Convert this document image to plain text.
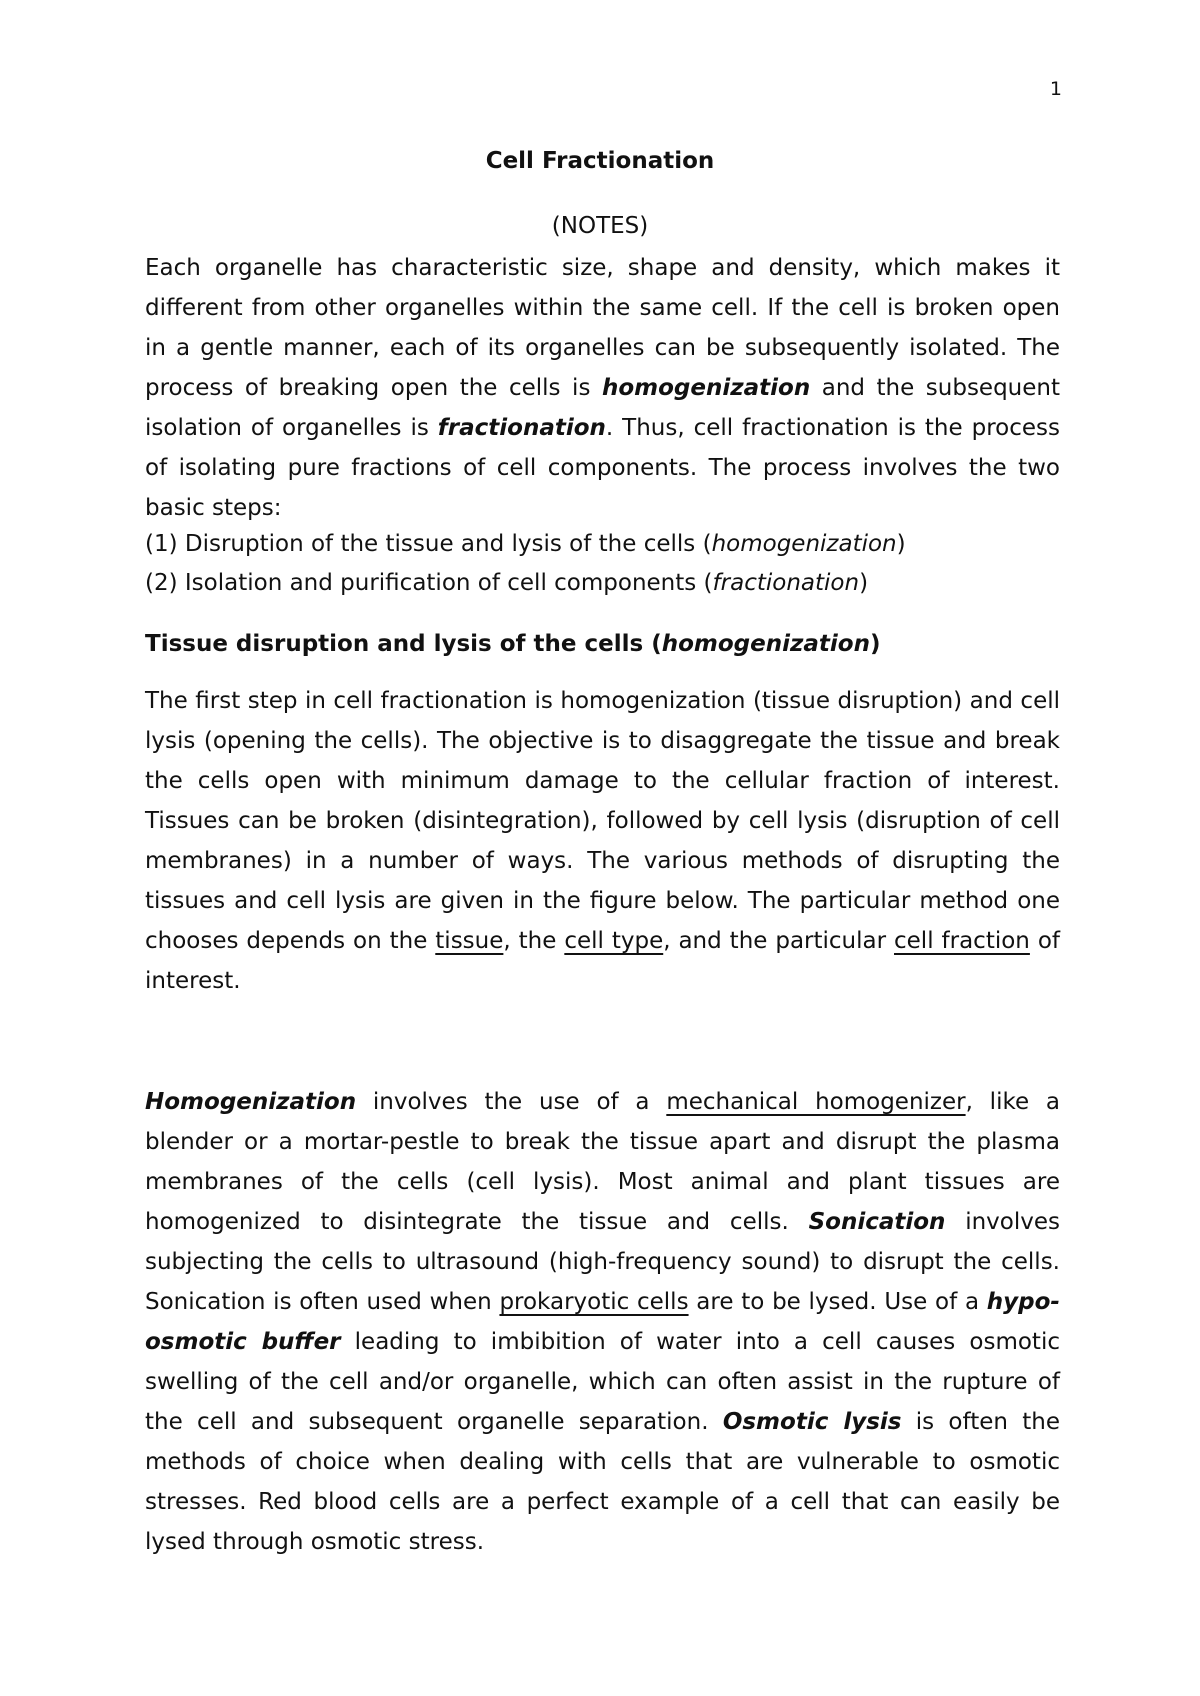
1
Cell Fractionation
(NOTES)

Each organelle has characteristic size, shape and density, which makes it different from other organelles within the same cell. If the cell is broken open in a gentle manner, each of its organelles can be subsequently isolated. The process of breaking open the cells is homogenization and the subsequent isolation of organelles is fractionation. Thus, cell fractionation is the process of isolating pure fractions of cell components. The process involves the two basic steps:

(1) Disruption of the tissue and lysis of the cells (homogenization)

(2) Isolation and purification of cell components (fractionation)

Tissue disruption and lysis of the cells (homogenization)

The first step in cell fractionation is homogenization (tissue disruption) and cell lysis (opening the cells). The objective is to disaggregate the tissue and break the cells open with minimum damage to the cellular fraction of interest. Tissues can be broken (disintegration), followed by cell lysis (disruption of cell membranes) in a number of ways. The various methods of disrupting the tissues and cell lysis are given in the figure below. The particular method one chooses depends on the tissue, the cell type, and the particular cell fraction of interest.

Homogenization involves the use of a mechanical homogenizer, like a blender or a mortar-pestle to break the tissue apart and disrupt the plasma membranes of the cells (cell lysis). Most animal and plant tissues are homogenized to disintegrate the tissue and cells. Sonication involves subjecting the cells to ultrasound (high-frequency sound) to disrupt the cells. Sonication is often used when prokaryotic cells are to be lysed. Use of a hypo-osmotic buffer leading to imbibition of water into a cell causes osmotic swelling of the cell and/or organelle, which can often assist in the rupture of the cell and subsequent organelle separation. Osmotic lysis is often the methods of choice when dealing with cells that are vulnerable to osmotic stresses. Red blood cells are a perfect example of a cell that can easily be lysed through osmotic stress.
